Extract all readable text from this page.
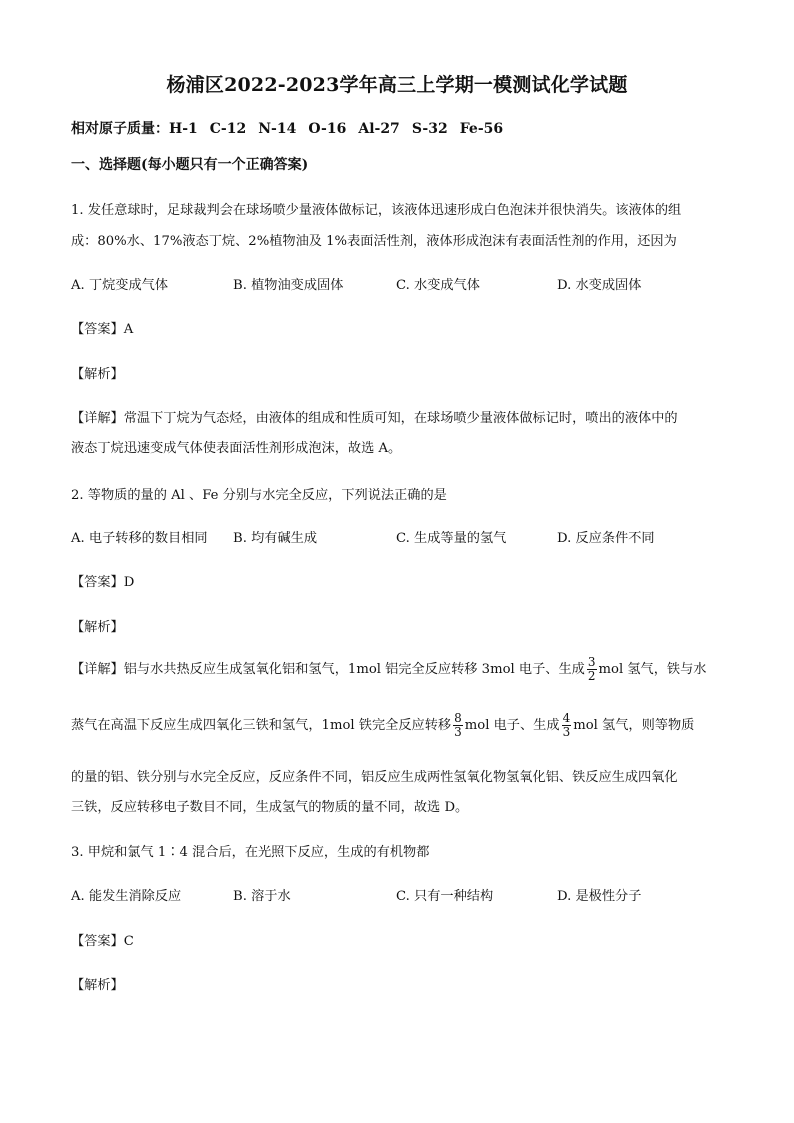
杨浦区2022-2023学年高三上学期一模测试化学试题
相对原子质量：H-1 C-12 N-14 O-16 Al-27 S-32 Fe-56
一、选择题(每小题只有一个正确答案)
1. 发任意球时，足球裁判会在球场喷少量液体做标记，该液体迅速形成白色泡沫并很快消失。该液体的组
成：80%水、17%液态丁烷、2%植物油及 1%表面活性剂，液体形成泡沫有表面活性剂的作用，还因为
A. 丁烷变成气体	B. 植物油变成固体	C. 水变成气体	D. 水变成固体
【答案】A
【解析】
【详解】常温下丁烷为气态烃，由液体的组成和性质可知，在球场喷少量液体做标记时，喷出的液体中的
液态丁烷迅速变成气体使表面活性剂形成泡沫，故选 A。
2. 等物质的量的 Al 、Fe 分别与水完全反应，下列说法正确的是
A. 电子转移的数目相同 B. 均有碱生成	C. 生成等量的氢气	D. 反应条件不同
【答案】D
【解析】
【详解】铝与水共热反应生成氢氧化铝和氢气，1mol 铝完全反应转移 3mol 电子、生成 $\frac{3}{2}$ mol 氢气，铁与水
蒸气在高温下反应生成四氧化三铁和氢气，1mol 铁完全反应转移 $\frac{8}{3}$ mol 电子、生成 $\frac{4}{3}$ mol 氢气，则等物质
的量的铝、铁分别与水完全反应，反应条件不同，铝反应生成两性氢氧化物氢氧化铝、铁反应生成四氧化
三铁，反应转移电子数目不同，生成氢气的物质的量不同，故选 D。
3. 甲烷和氯气 1∶4 混合后，在光照下反应，生成的有机物都
A. 能发生消除反应	B. 溶于水	C. 只有一种结构	D. 是极性分子
【答案】C
【解析】
